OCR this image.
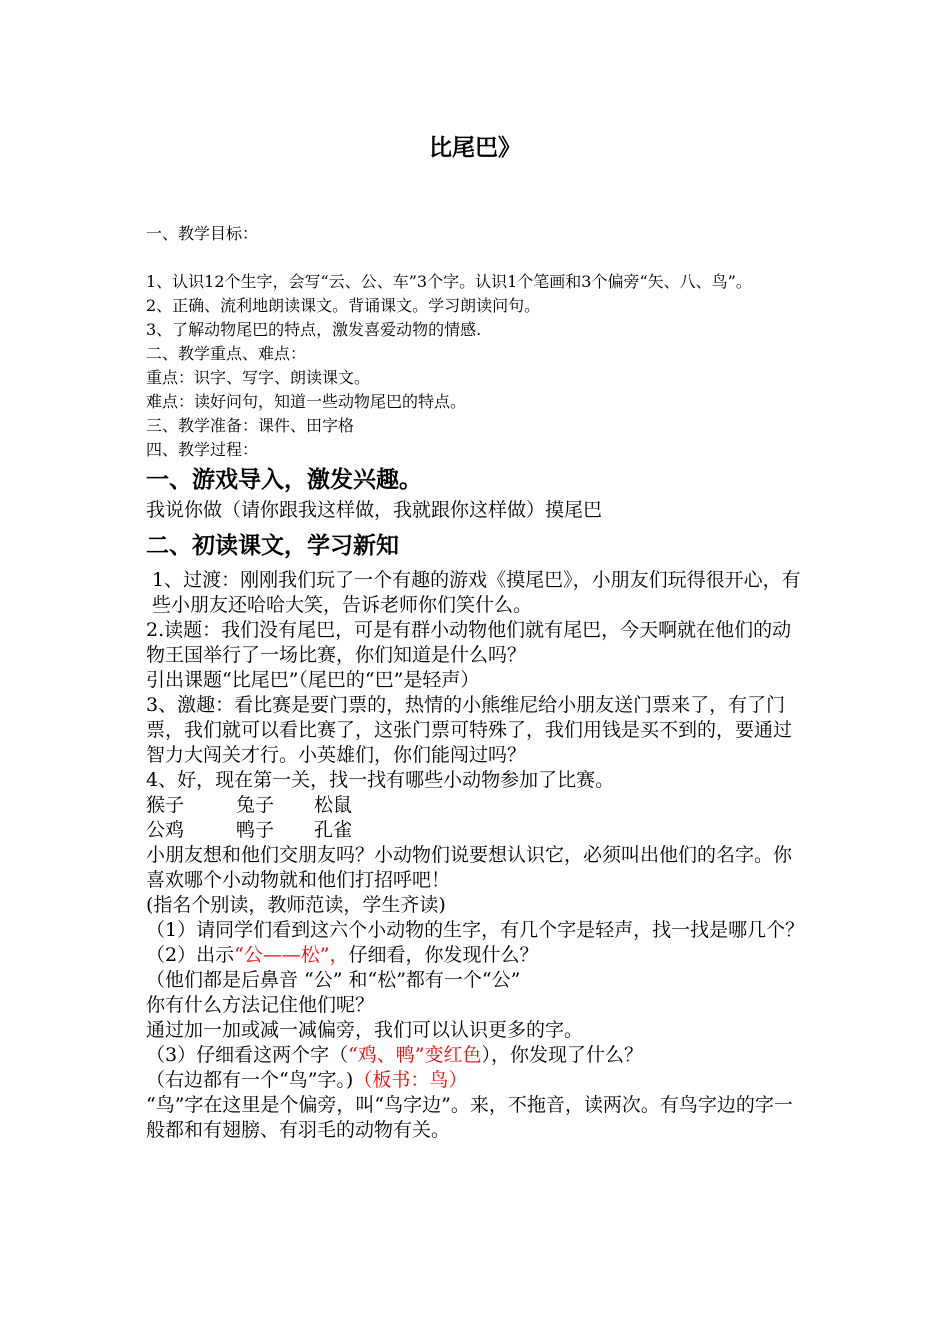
比尾巴》

一、教学目标：

1、认识12个生字，会写“云、公、车”3个字。认识1个笔画和3个偏旁“矢、八、鸟”。

2、正确、流利地朗读课文。背诵课文。学习朗读问句。

3、了解动物尾巴的特点，激发喜爱动物的情感.

二、教学重点、难点：

重点：识字、写字、朗读课文。

难点：读好问句，知道一些动物尾巴的特点。

三、教学准备：课件、田字格

四、教学过程：

一、游戏导入，激发兴趣。

我说你做（请你跟我这样做，我就跟你这样做）摸尾巴

二、初读课文，学习新知

1、过渡：刚刚我们玩了一个有趣的游戏《摸尾巴》，小朋友们玩得很开心，有些小朋友还哈哈大笑，告诉老师你们笑什么。

2.读题：我们没有尾巴，可是有群小动物他们就有尾巴，今天啊就在他们的动物王国举行了一场比赛，你们知道是什么吗？

引出课题“比尾巴”（尾巴的“巴”是轻声）

3、激趣：看比赛是要门票的，热情的小熊维尼给小朋友送门票来了，有了门票，我们就可以看比赛了，这张门票可特殊了，我们用钱是买不到的，要通过智力大闯关才行。小英雄们，你们能闯过吗？

4、好，现在第一关，找一找有哪些小动物参加了比赛。

猴子	兔子 松鼠

公鸡	鸭子 孔雀

小朋友想和他们交朋友吗？小动物们说要想认识它，必须叫出他们的名字。你喜欢哪个小动物就和他们打招呼吧！

(指名个别读，教师范读，学生齐读)

（1）请同学们看到这六个小动物的生字，有几个字是轻声，找一找是哪几个？

（2）出示“公——松”，仔细看，你发现什么？

（他们都是后鼻音 “公” 和“松”都有一个“公”

你有什么方法记住他们呢？

通过加一加或减一减偏旁，我们可以认识更多的字。

（3）仔细看这两个字（“鸡、鸭”变红色），你发现了什么？

（右边都有一个“鸟”字。)（板书：鸟）

“鸟”字在这里是个偏旁，叫“鸟字边”。来，不拖音，读两次。有鸟字边的字一般都和有翅膀、有羽毛的动物有关。
